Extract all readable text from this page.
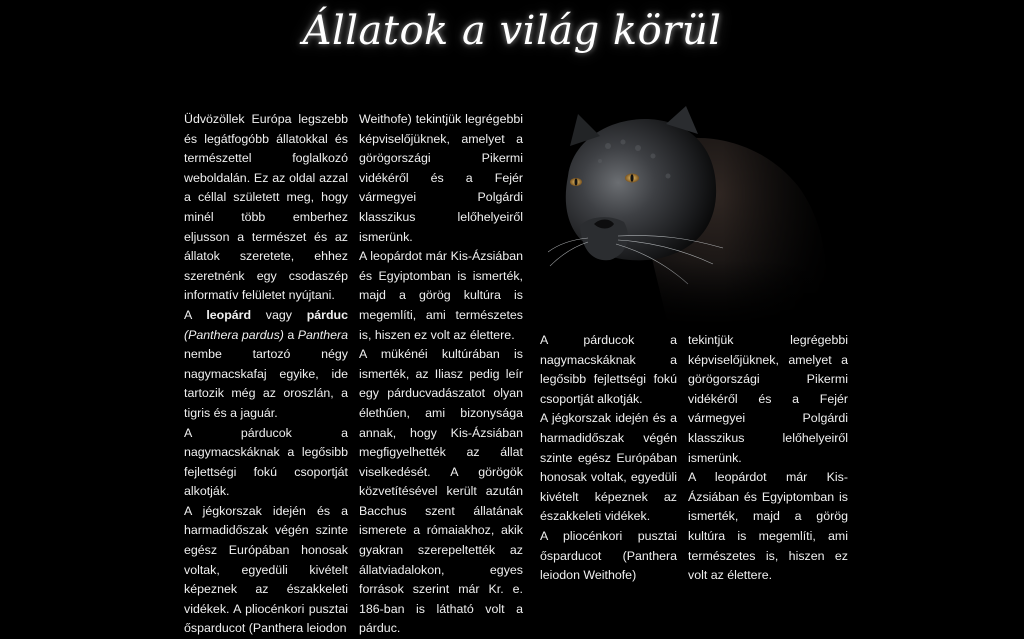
Állatok a világ körül

Üdvözöllek Európa legszebb és legátfogóbb állatokkal és természettel foglalkozó weboldalán. Ez az oldal azzal a céllal született meg, hogy minél több emberhez eljusson a természet és az állatok szeretete, ehhez szeretnénk egy csodaszép informatív felületet nyújtani.

A leopárd vagy párduc (Panthera pardus) a Panthera nembe tartozó négy nagymacskafaj egyike, ide tartozik még az oroszlán, a tigris és a jaguár.

A párducok a nagymacskáknak a legősibb fejlettségi fokú csoportját alkotják.

A jégkorszak idején és a harmadidőszak végén szinte egész Európában honosak voltak, egyedüli kivételt képeznek az északkeleti vidékek. A pliocénkori pusztai ősparducot (Panthera leiodon

Weithofe) tekintjük legrégebbi képviselőjüknek, amelyet a görögországi Pikermi vidékéről és a Fejér vármegyei Polgárdi klasszikus lelőhelyeiről ismerünk.

A leopárdot már Kis-Ázsiában és Egyiptomban is ismerték, majd a görög kultúra is megemlíti, ami természetes is, hiszen ez volt az élettere.

A mükénéi kultúrában is ismerték, az Iliasz pedig leír egy párducvadászatot olyan élethűen, ami bizonysága annak, hogy Kis-Ázsiában megfigyelhették az állat viselkedését. A görögök közvetítésével került azután Bacchus szent állatának ismerete a rómaiakhoz, akik gyakran szerepeltették az állatviadalokon, egyes források szerint már Kr. e. 186-ban is látható volt a párduc.

A párducok a nagymacskáknak a legősibb fejlettségi fokú csoportját alkotják.

A jégkorszak idején és a harmadidőszak végén szinte egész Európában honosak voltak, egyedüli kivételt képeznek az északkeleti vidékek.

A pliocénkori pusztai ősparducot (Panthera leiodon Weithofe)

tekintjük legrégebbi képviselőjüknek, amelyet a görögországi Pikermi vidékéről és a Fejér vármegyei Polgárdi klasszikus lelőhelyeiről ismerünk.

A leopárdot már Kis-Ázsiában és Egyiptomban is ismerték, majd a görög kultúra is megemlíti, ami természetes is, hiszen ez volt az élettere.
